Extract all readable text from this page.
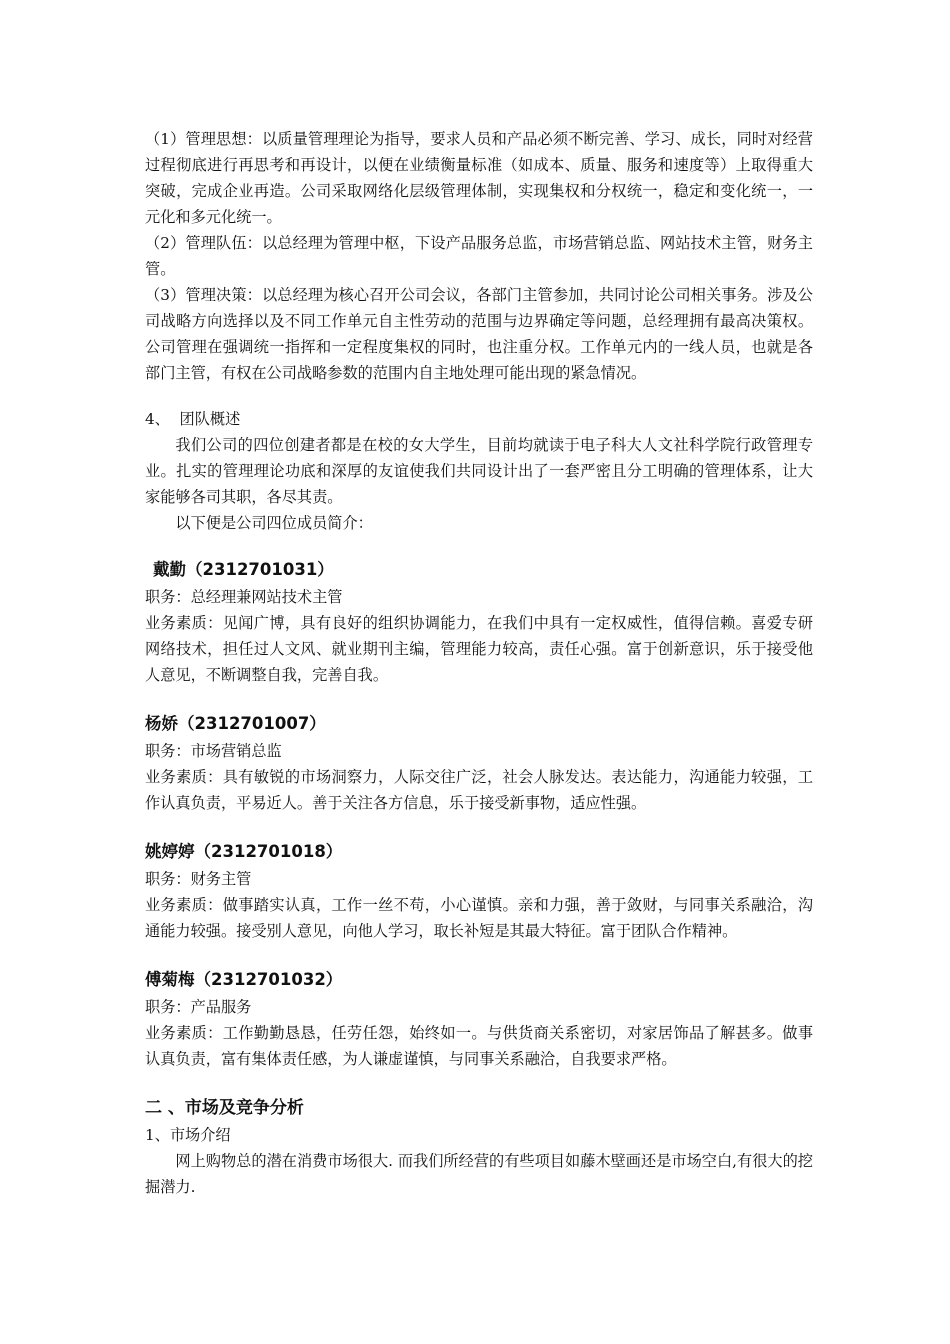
（1）管理思想：以质量管理理论为指导，要求人员和产品必须不断完善、学习、成长，同时对经营过程彻底进行再思考和再设计，以便在业绩衡量标准（如成本、质量、服务和速度等）上取得重大突破，完成企业再造。公司采取网络化层级管理体制，实现集权和分权统一，稳定和变化统一，一元化和多元化统一。

（2）管理队伍：以总经理为管理中枢，下设产品服务总监，市场营销总监、网站技术主管，财务主管。

（3）管理决策：以总经理为核心召开公司会议，各部门主管参加，共同讨论公司相关事务。涉及公司战略方向选择以及不同工作单元自主性劳动的范围与边界确定等问题，总经理拥有最高决策权。公司管理在强调统一指挥和一定程度集权的同时，也注重分权。工作单元内的一线人员，也就是各部门主管，有权在公司战略参数的范围内自主地处理可能出现的紧急情况。

4、  团队概述

我们公司的四位创建者都是在校的女大学生，目前均就读于电子科大人文社科学院行政管理专业。扎实的管理理论功底和深厚的友谊使我们共同设计出了一套严密且分工明确的管理体系，让大家能够各司其职，各尽其责。

以下便是公司四位成员简介：

戴勤（2312701031）

职务：总经理兼网站技术主管

业务素质：见闻广博，具有良好的组织协调能力，在我们中具有一定权威性，值得信赖。喜爱专研网络技术，担任过人文风、就业期刊主编，管理能力较高，责任心强。富于创新意识，乐于接受他人意见，不断调整自我，完善自我。

杨娇（2312701007）

职务：市场营销总监

业务素质：具有敏锐的市场洞察力，人际交往广泛，社会人脉发达。表达能力，沟通能力较强，工作认真负责，平易近人。善于关注各方信息，乐于接受新事物，适应性强。

姚婷婷（2312701018）

职务：财务主管

业务素质：做事踏实认真，工作一丝不苟，小心谨慎。亲和力强，善于敛财，与同事关系融洽，沟通能力较强。接受别人意见，向他人学习，取长补短是其最大特征。富于团队合作精神。

傅菊梅（2312701032）

职务：产品服务

业务素质：工作勤勤恳恳，任劳任怨，始终如一。与供货商关系密切，对家居饰品了解甚多。做事认真负责，富有集体责任感，为人谦虚谨慎，与同事关系融洽，自我要求严格。

二 、市场及竞争分析

1、市场介绍

网上购物总的潜在消费市场很大. 而我们所经营的有些项目如藤木壁画还是市场空白,有很大的挖掘潜力.
